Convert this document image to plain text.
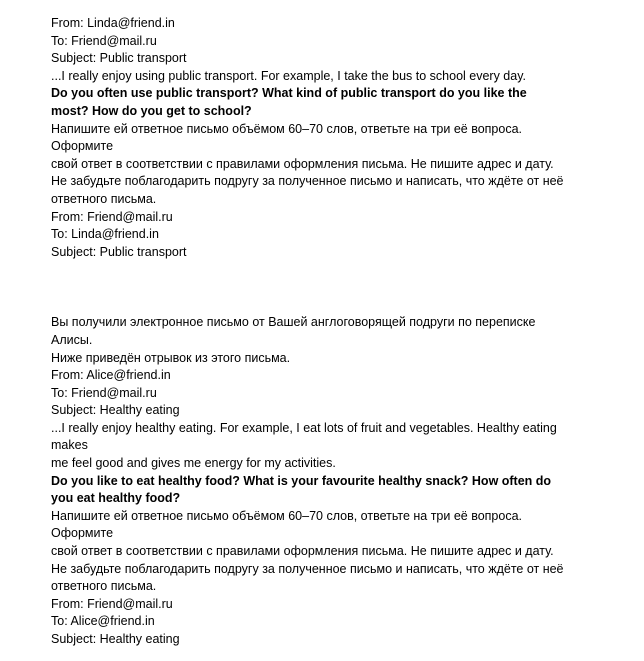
From: Linda@friend.in
To: Friend@mail.ru
Subject: Public transport
...I really enjoy using public transport. For example, I take the bus to school every day.
Do you often use public transport? What kind of public transport do you like the
most? How do you get to school?
Напишите ей ответное письмо объёмом 60–70 слов, ответьте на три её вопроса.
Оформите
свой ответ в соответствии с правилами оформления письма. Не пишите адрес и дату.
Не забудьте поблагодарить подругу за полученное письмо и написать, что ждёте от неё
ответного письма.
From: Friend@mail.ru
To: Linda@friend.in
Subject: Public transport
Вы получили электронное письмо от Вашей англоговорящей подруги по переписке
Алисы.
Ниже приведён отрывок из этого письма.
From: Alice@friend.in
To: Friend@mail.ru
Subject: Healthy eating
...I really enjoy healthy eating. For example, I eat lots of fruit and vegetables. Healthy eating
makes
me feel good and gives me energy for my activities.
Do you like to eat healthy food? What is your favourite healthy snack? How often do
you eat healthy food?
Напишите ей ответное письмо объёмом 60–70 слов, ответьте на три её вопроса.
Оформите
свой ответ в соответствии с правилами оформления письма. Не пишите адрес и дату.
Не забудьте поблагодарить подругу за полученное письмо и написать, что ждёте от неё
ответного письма.
From: Friend@mail.ru
To: Alice@friend.in
Subject: Healthy eating
